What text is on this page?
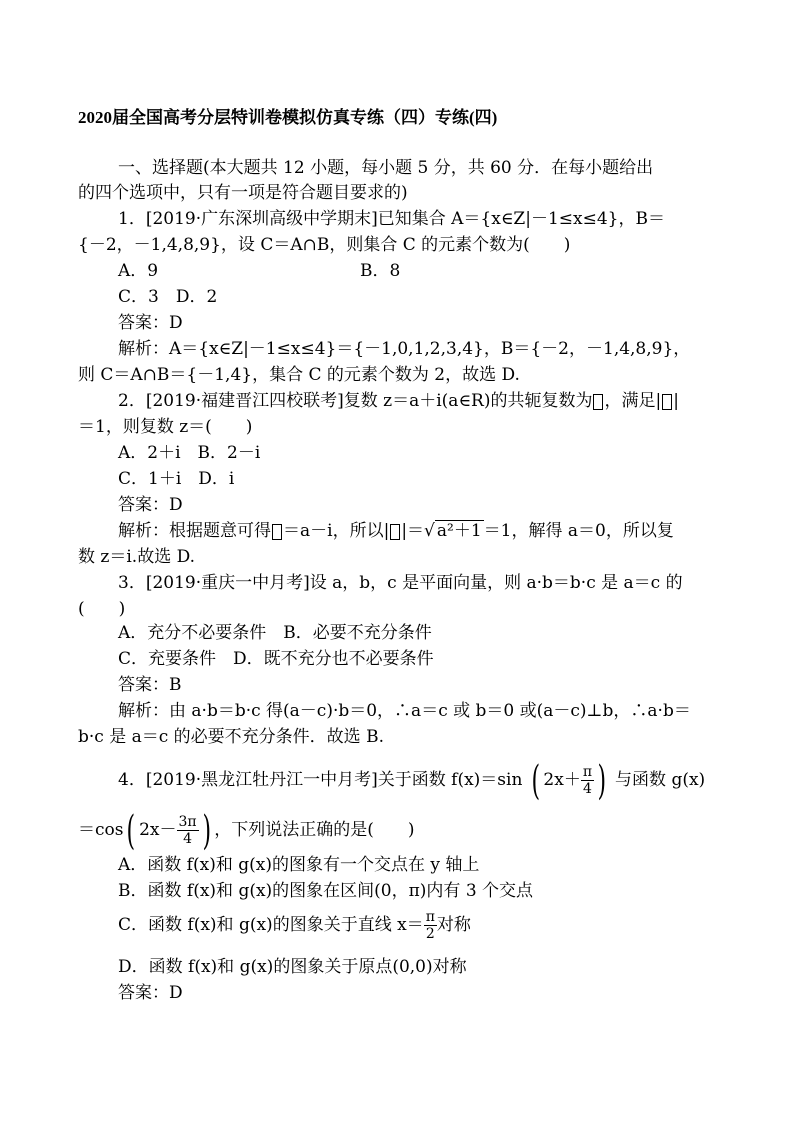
2020届全国高考分层特训卷模拟仿真专练（四）专练(四)
一、选择题(本大题共 12 小题，每小题 5 分，共 60 分．在每小题给出
的四个选项中，只有一项是符合题目要求的)
1．[2019·广东深圳高级中学期末]已知集合 A＝{x∈Z|－1≤x≤4}，B＝
{－2，－1,4,8,9}，设 C＝A∩B，则集合 C 的元素个数为(　　)
A．9	B．8
C．3　D．2
答案：D
解析：A＝{x∈Z|－1≤x≤4}＝{－1,0,1,2,3,4}，B＝{－2，－1,4,8,9}，
则 C＝A∩B＝{－1,4}，集合 C 的元素个数为 2，故选 D.
2．[2019·福建晋江四校联考]复数 z＝a＋i(a∈R)的共轭复数为 ，满足| |
＝1，则复数 z＝(　　)
A．2＋i　B．2－i
C．1＋i　D．i
答案：D
解析：根据题意可得 ＝a－i，所以| |＝√ a²＋1 ＝1，解得 a＝0，所以复
数 z＝i.故选 D.
3．[2019·重庆一中月考]设 a，b，c 是平面向量，则 a·b＝b·c 是 a＝c 的
(　　)
A．充分不必要条件　B．必要不充分条件
C．充要条件　D．既不充分也不必要条件
答案：B
解析：由 a·b＝b·c 得(a－c)·b＝0，∴a＝c 或 b＝0 或(a－c)⊥b，∴a·b＝
b·c 是 a＝c 的必要不充分条件．故选 B.
4．[2019·黑龙江牡丹江一中月考]关于函数 f(x)＝sin ( $2x+ \frac{\pi}{4}$ ) 与函数 g(x)
＝cos( $2x- \frac{3\pi}{4}$ ) ，下列说法正确的是(　　)
A．函数 f(x)和 g(x)的图象有一个交点在 y 轴上
B．函数 f(x)和 g(x)的图象在区间(0，π)内有 3 个交点
C．函数 f(x)和 g(x)的图象关于直线 $x= \frac{\pi}{2}$ 对称
D．函数 f(x)和 g(x)的图象关于原点(0,0)对称
答案：D
